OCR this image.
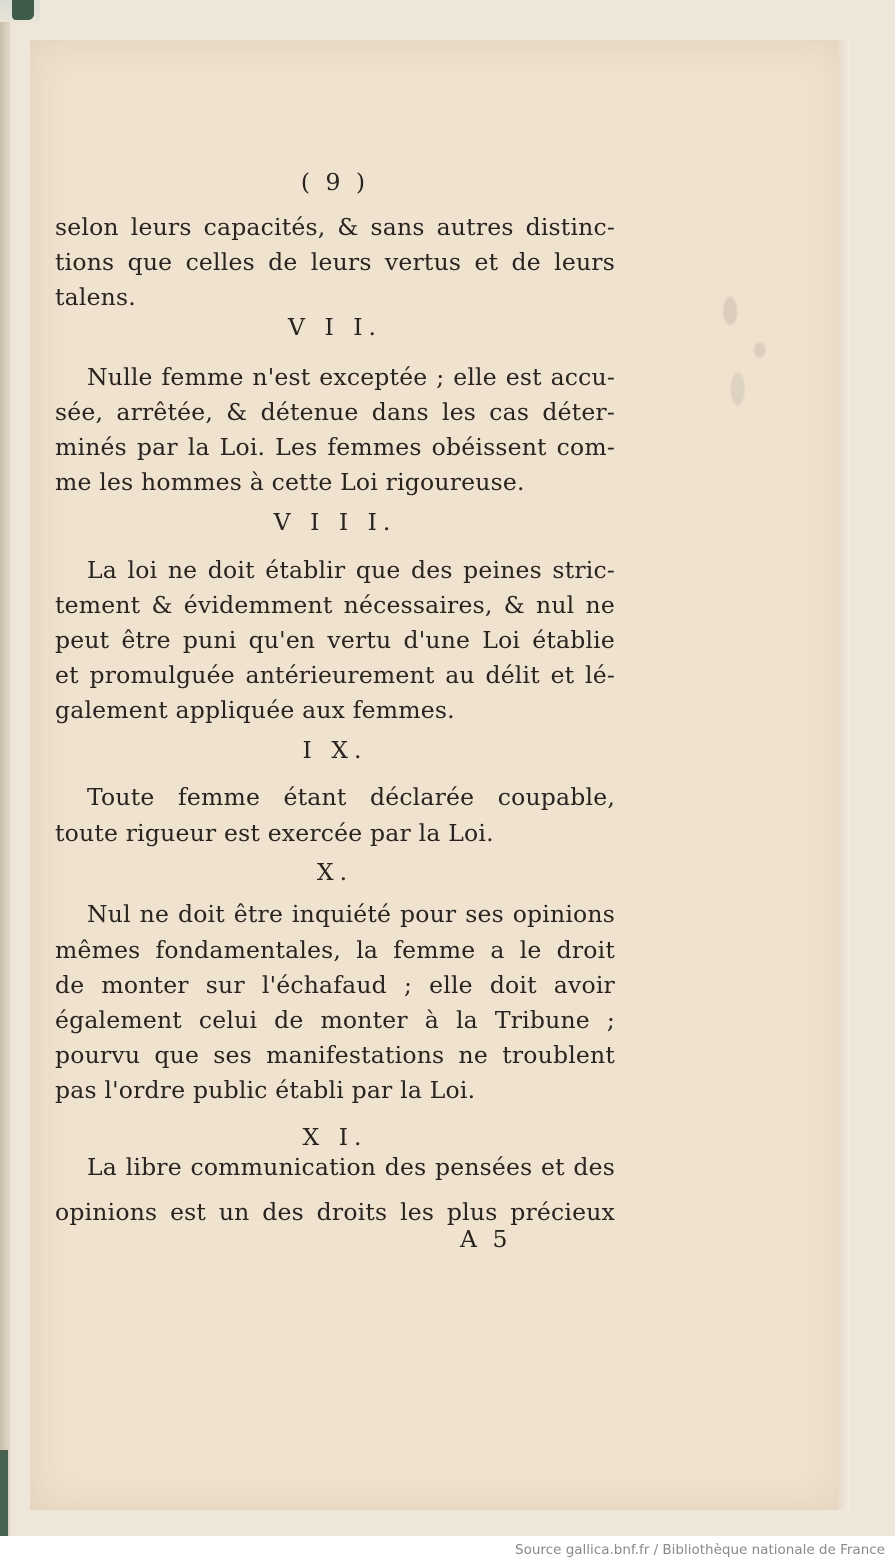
( 9 )
selon leurs capacités, & sans autres distinc-
tions que celles de leurs vertus et de leurs
talens.
V I I.
Nulle femme n'est exceptée ; elle est accu-
sée, arrêtée, & détenue dans les cas déter-
minés par la Loi. Les femmes obéissent com-
me les hommes à cette Loi rigoureuse.
V I I I.
La loi ne doit établir que des peines stric-
tement & évidemment nécessaires, & nul ne
peut être puni qu'en vertu d'une Loi établie
et promulguée antérieurement au délit et lé-
galement appliquée aux femmes.
I X.
Toute femme étant déclarée coupable,
toute rigueur est exercée par la Loi.
X.
Nul ne doit être inquiété pour ses opinions
mêmes fondamentales, la femme a le droit
de monter sur l'échafaud ; elle doit avoir
également celui de monter à la Tribune ;
pourvu que ses manifestations ne troublent
pas l'ordre public établi par la Loi.
X I.
La libre communication des pensées et des
opinions est un des droits les plus précieux
A 5
Source gallica.bnf.fr / Bibliothèque nationale de France
